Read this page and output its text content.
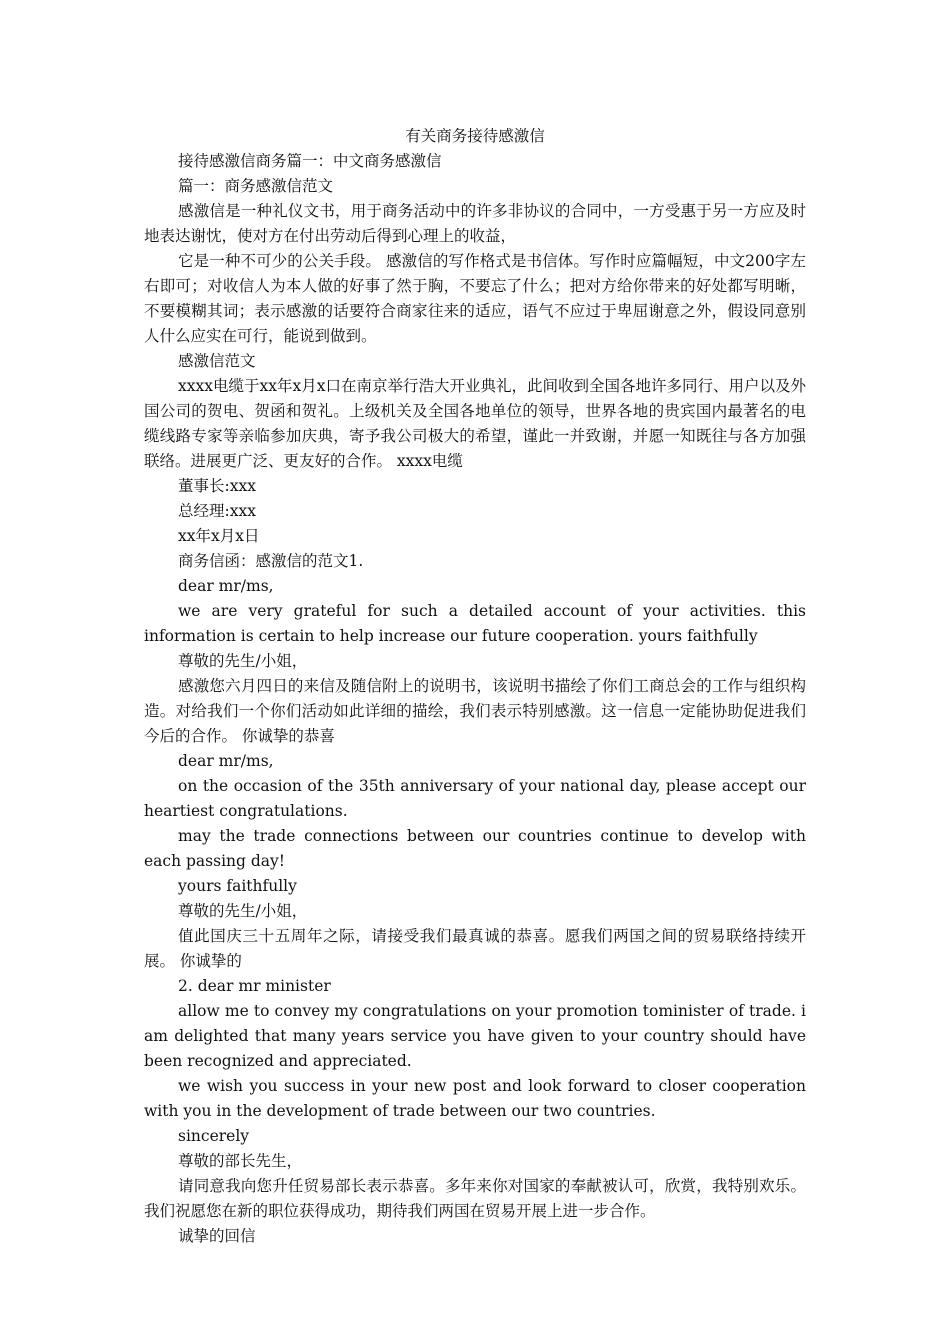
有关商务接待感激信

接待感激信商务篇一：中文商务感激信

篇一：商务感激信范文

感激信是一种礼仪文书，用于商务活动中的许多非协议的合同中，一方受惠于另一方应及时地表达谢忱，使对方在付出劳动后得到心理上的收益，

它是一种不可少的公关手段。 感激信的写作格式是书信体。写作时应篇幅短，中文200字左右即可；对收信人为本人做的好事了然于胸，不要忘了什么；把对方给你带来的好处都写明晰，不要模糊其词；表示感激的话要符合商家往来的适应，语气不应过于卑屈谢意之外，假设同意别人什么应实在可行，能说到做到。

感激信范文

xxxx电缆于xx年x月x口在南京举行浩大开业典礼，此间收到全国各地许多同行、用户以及外国公司的贺电、贺函和贺礼。上级机关及全国各地单位的领导，世界各地的贵宾国内最著名的电缆线路专家等亲临参加庆典，寄予我公司极大的希望，谨此一并致谢，并愿一知既往与各方加强联络。进展更广泛、更友好的合作。 xxxx电缆

董事长:xxx

总经理:xxx

xx年x月x日

商务信函：感激信的范文1.

dear mr/ms,

we are very grateful for such a detailed account of your activities. this information is certain to help increase our future cooperation. yours faithfully

尊敬的先生/小姐，

感激您六月四日的来信及随信附上的说明书，该说明书描绘了你们工商总会的工作与组织构造。对给我们一个你们活动如此详细的描绘，我们表示特别感激。这一信息一定能协助促进我们今后的合作。 你诚挚的恭喜

dear mr/ms,

on the occasion of the 35th anniversary of your national day, please accept our heartiest congratulations.

may the trade connections between our countries continue to develop with each passing day!

yours faithfully

尊敬的先生/小姐，

值此国庆三十五周年之际，请接受我们最真诚的恭喜。愿我们两国之间的贸易联络持续开展。 你诚挚的

2. dear mr minister

allow me to convey my congratulations on your promotion tominister of trade. i am delighted that many years service you have given to your country should have been recognized and appreciated.

we wish you success in your new post and look forward to closer cooperation with you in the development of trade between our two countries.

sincerely

尊敬的部长先生，

请同意我向您升任贸易部长表示恭喜。多年来你对国家的奉献被认可，欣赏，我特别欢乐。我们祝愿您在新的职位获得成功，期待我们两国在贸易开展上进一步合作。

诚挚的回信
